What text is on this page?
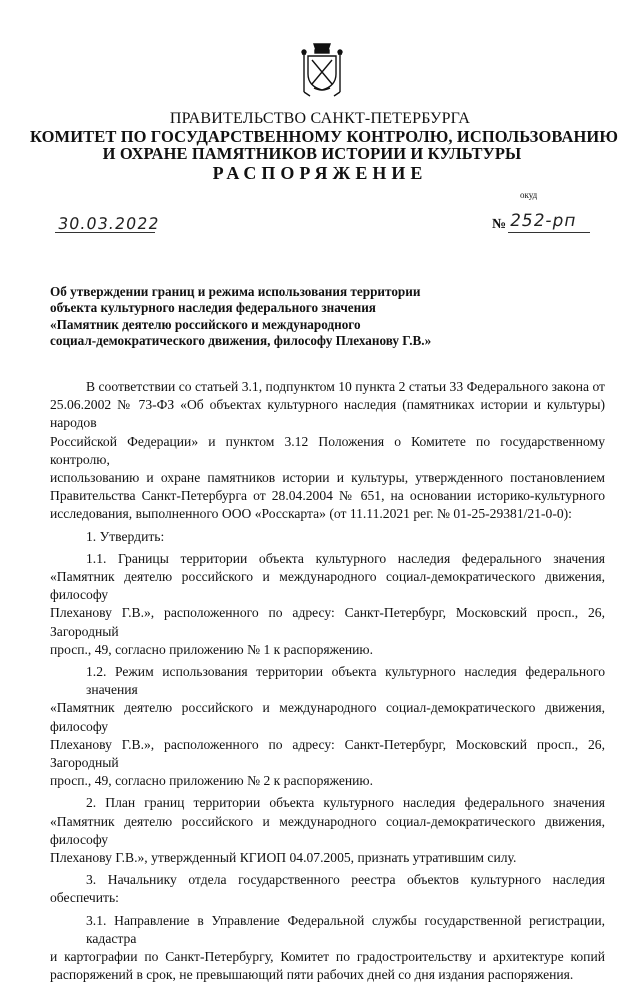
ПРАВИТЕЛЬСТВО САНКТ-ПЕТЕРБУРГА
КОМИТЕТ ПО ГОСУДАРСТВЕННОМУ КОНТРОЛЮ, ИСПОЛЬЗОВАНИЮ
И ОХРАНЕ ПАМЯТНИКОВ ИСТОРИИ И КУЛЬТУРЫ
РАСПОРЯЖЕНИЕ
окуд
30.03.2022	№ 252-рп
Об утверждении границ и режима использования территории
объекта культурного наследия федерального значения
«Памятник деятелю российского и международного
социал-демократического движения, философу Плеханову Г.В.»
В соответствии со статьей 3.1, подпунктом 10 пункта 2 статьи 33 Федерального закона от
25.06.2002 № 73-ФЗ «Об объектах культурного наследия (памятниках истории и культуры) народов
Российской Федерации» и пунктом 3.12 Положения о Комитете по государственному контролю,
использованию и охране памятников истории и культуры, утвержденного постановлением
Правительства Санкт-Петербурга от 28.04.2004 № 651, на основании историко-культурного
исследования, выполненного ООО «Росскарта» (от 11.11.2021 рег. № 01-25-29381/21-0-0):
1. Утвердить:
1.1. Границы территории объекта культурного наследия федерального значения
«Памятник деятелю российского и международного социал-демократического движения, философу
Плеханову Г.В.», расположенного по адресу: Санкт-Петербург, Московский просп., 26, Загородный
просп., 49, согласно приложению № 1 к распоряжению.
1.2. Режим использования территории объекта культурного наследия федерального значения
«Памятник деятелю российского и международного социал-демократического движения, философу
Плеханову Г.В.», расположенного по адресу: Санкт-Петербург, Московский просп., 26, Загородный
просп., 49, согласно приложению № 2 к распоряжению.
2. План границ территории объекта культурного наследия федерального значения
«Памятник деятелю российского и международного социал-демократического движения, философу
Плеханову Г.В.», утвержденный КГИОП 04.07.2005, признать утратившим силу.
3. Начальнику отдела государственного реестра объектов культурного наследия обеспечить:
3.1. Направление в Управление Федеральной службы государственной регистрации, кадастра
и картографии по Санкт-Петербургу, Комитет по градостроительству и архитектуре копий
распоряжений в срок, не превышающий пяти рабочих дней со дня издания распоряжения.
